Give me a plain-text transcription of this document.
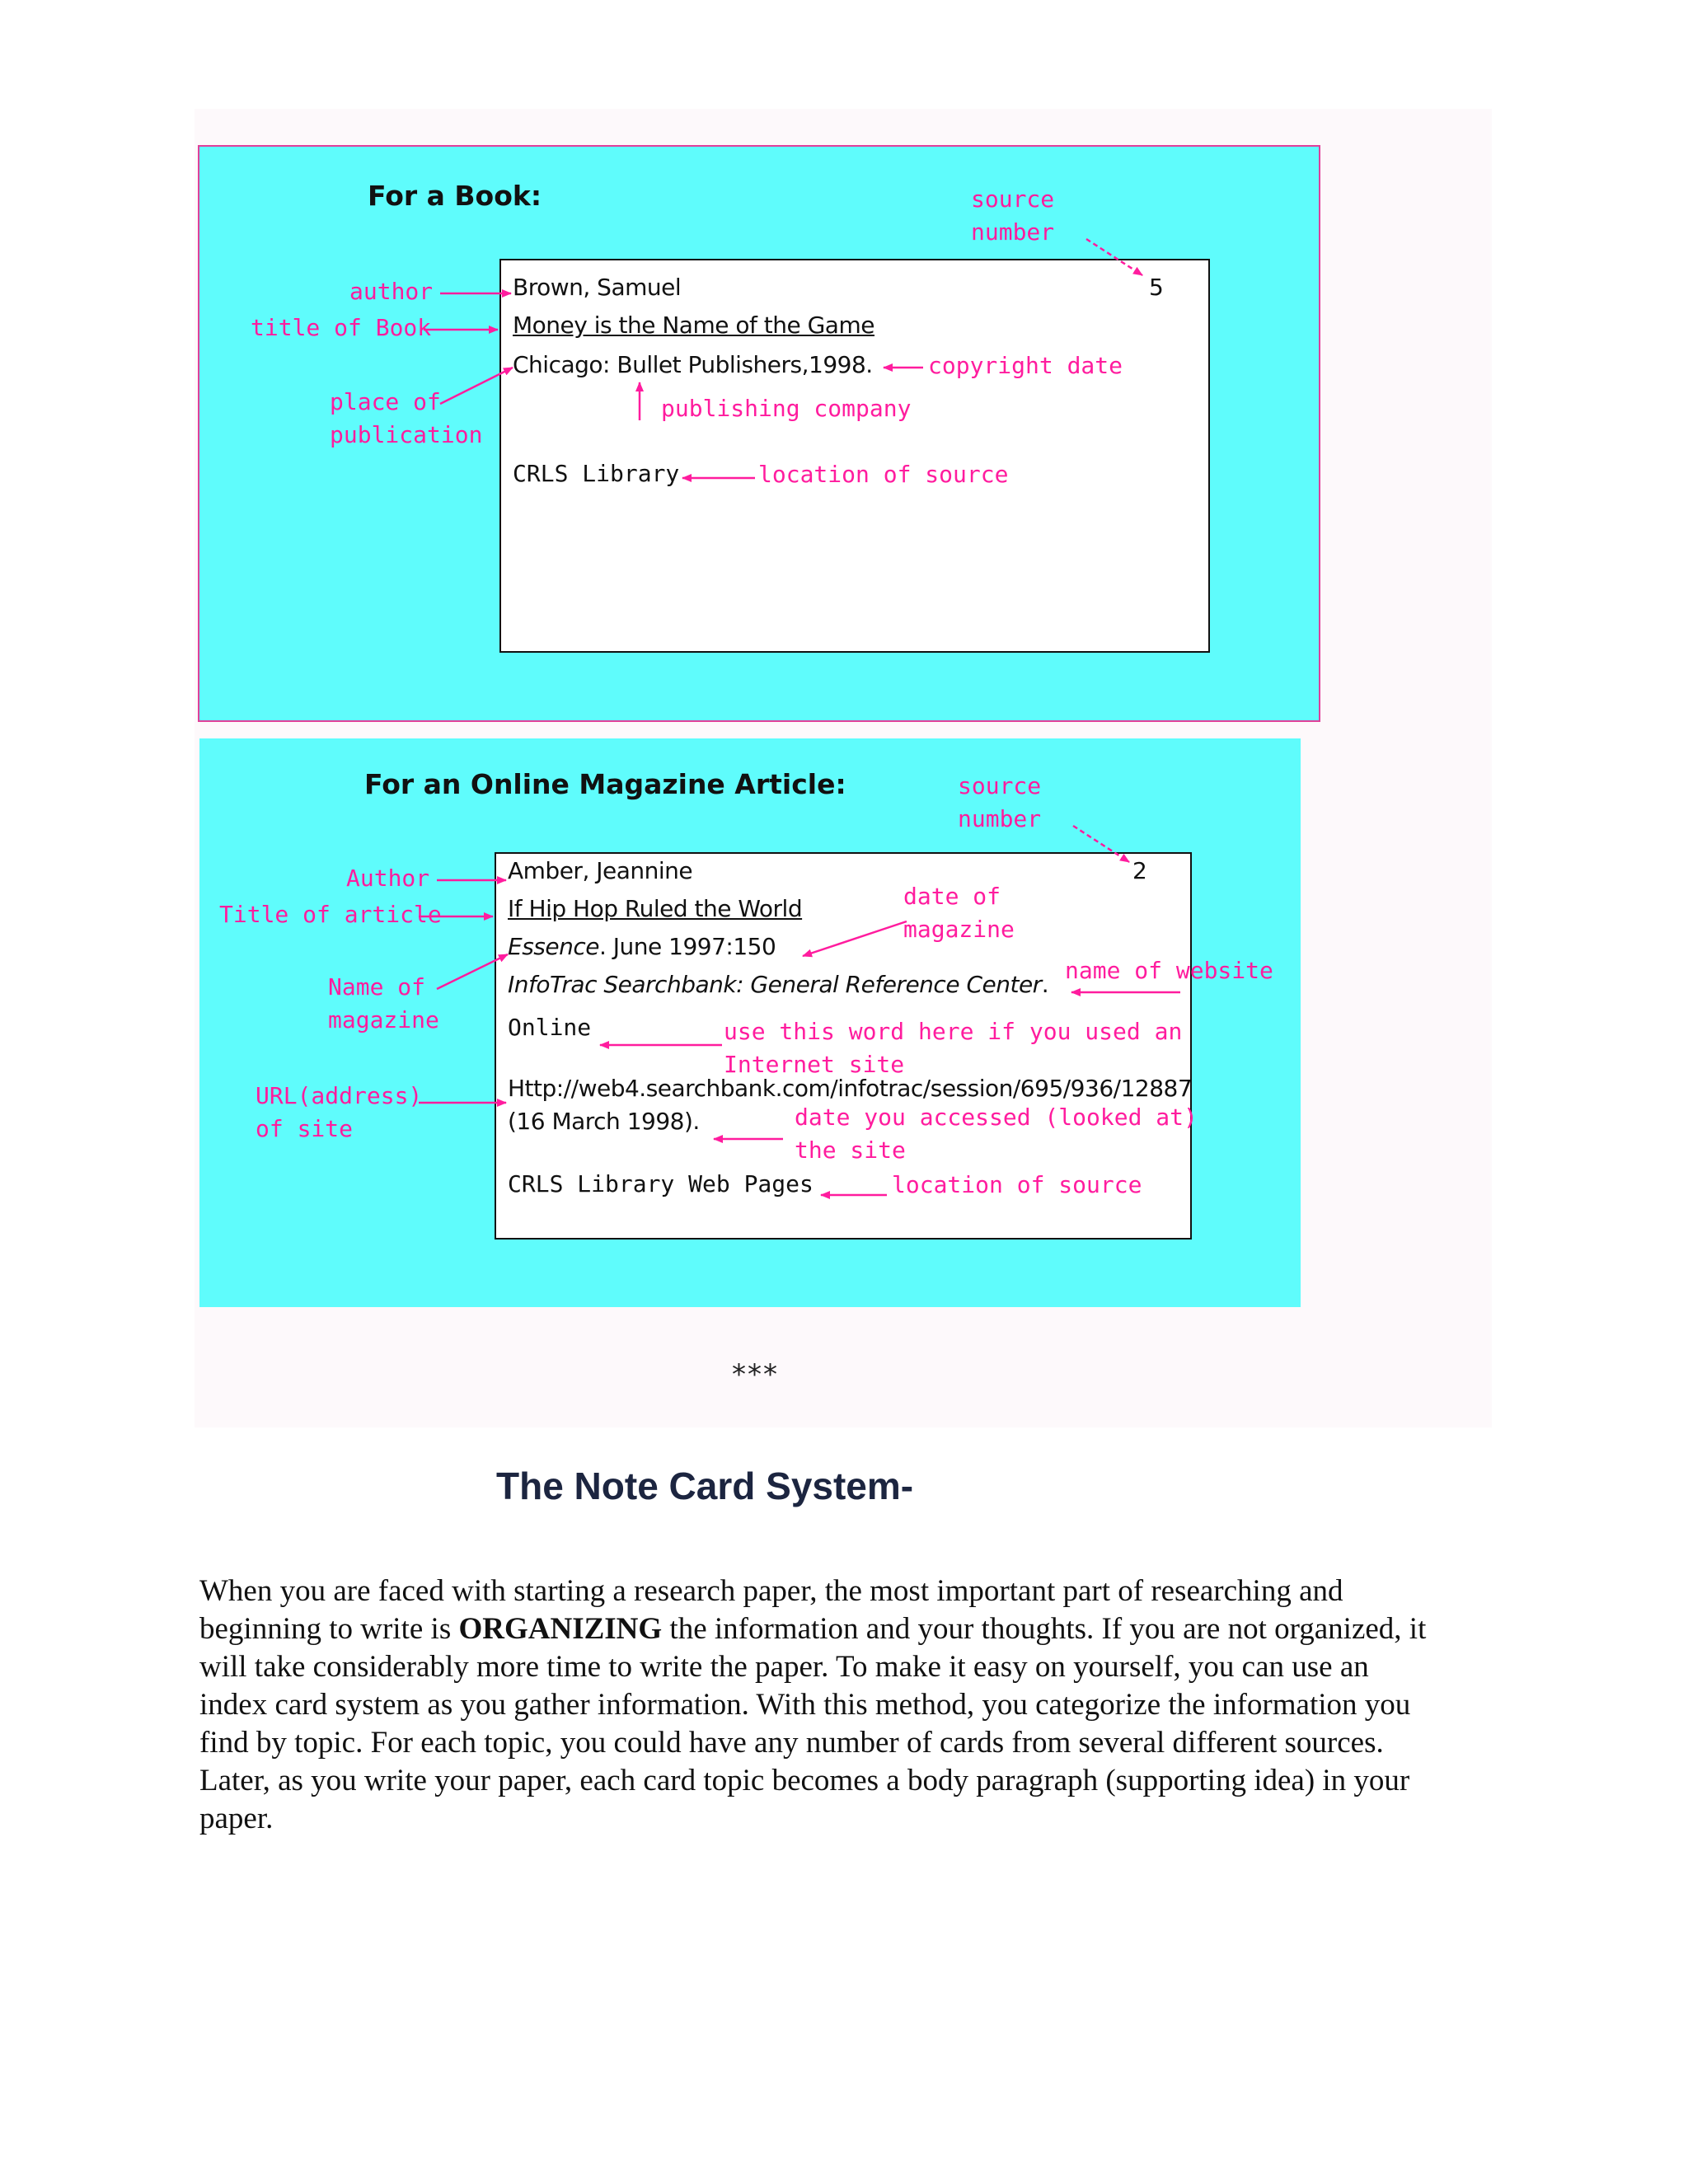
For a Book:	source
number
author
title of Book
place of
publication
copyright date
publishing company
location of source
5
Brown, Samuel
Money is the Name of the Game
Chicago: Bullet Publishers,1998.
CRLS Library
For an Online Magazine Article:	source
number
Author
Title of article
Name of
magazine
URL(address)
of site
date of
magazine
name of website
use this word here if you used an
Internet site
date you accessed (looked at)
the site
location of source
2
Amber, Jeannine
If Hip Hop Ruled the World
Essence. June 1997:150
InfoTrac Searchbank: General Reference Center.
Online
Http://web4.searchbank.com/infotrac/session/695/936/12887
(16 March 1998).
CRLS Library Web Pages
***
The Note Card System-
When you are faced with starting a research paper, the most important part of researching and beginning to write is ORGANIZING the information and your thoughts. If you are not organized, it will take considerably more time to write the paper. To make it easy on yourself, you can use an index card system as you gather information. With this method, you categorize the information you find by topic. For each topic, you could have any number of cards from several different sources. Later, as you write your paper, each card topic becomes a body paragraph (supporting idea) in your paper.
